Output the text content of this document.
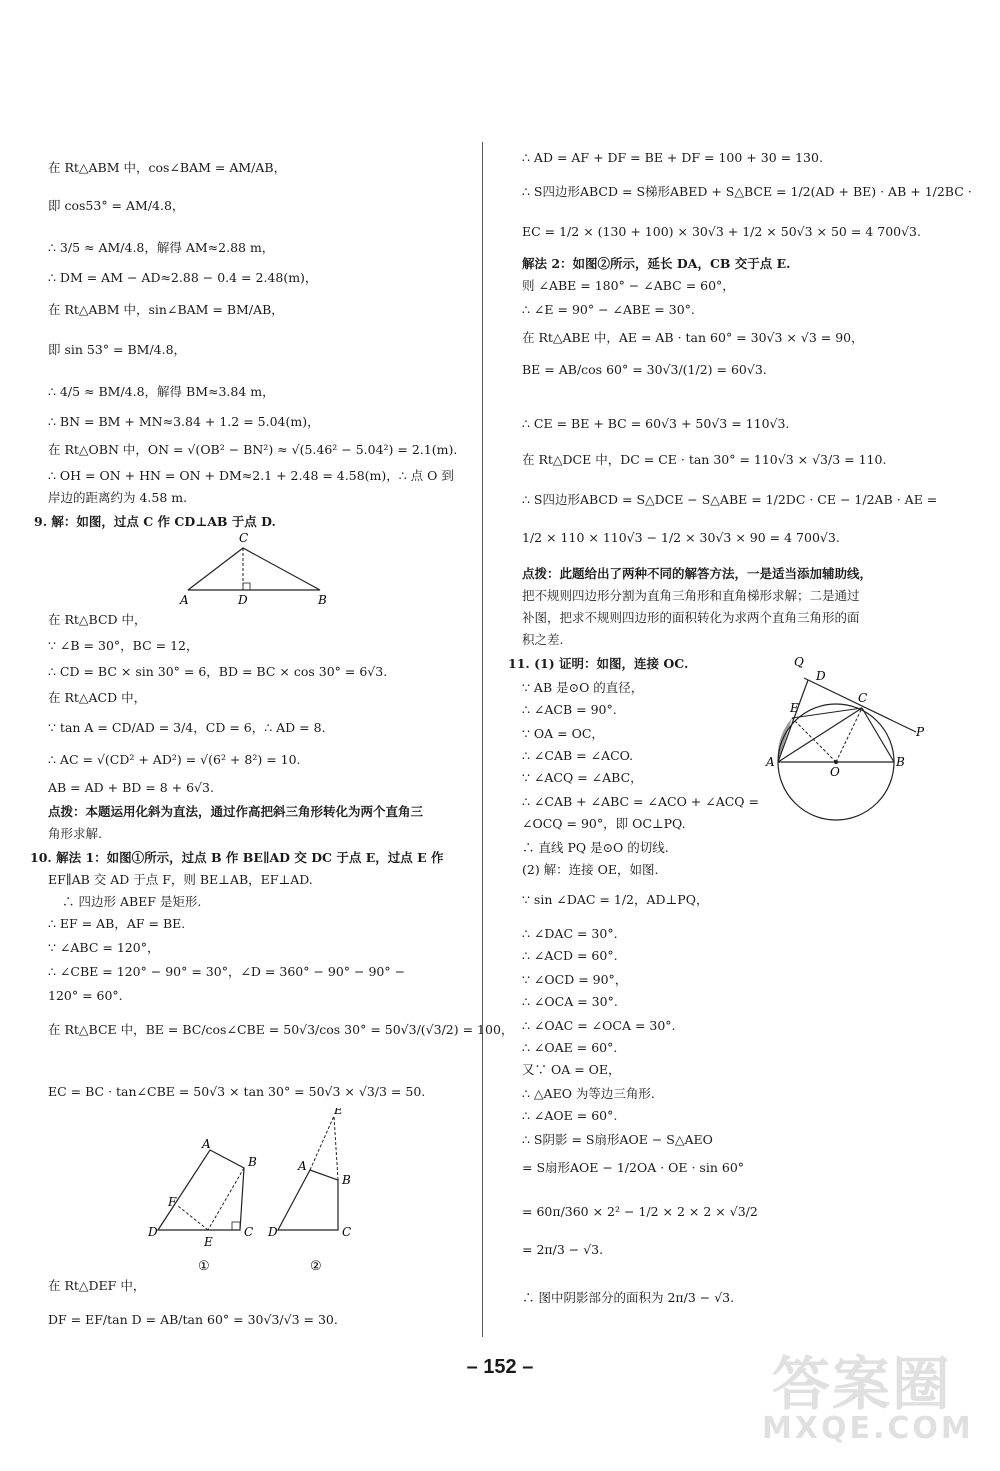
在 Rt△ABM 中，cos∠BAM = AM/AB，
即 cos53° = AM/4.8，
∴ 3/5 ≈ AM/4.8，解得 AM≈2.88 m，
∴ DM = AM − AD≈2.88 − 0.4 = 2.48(m)，
在 Rt△ABM 中，sin∠BAM = BM/AB，
即 sin 53° = BM/4.8，
∴ 4/5 ≈ BM/4.8，解得 BM≈3.84 m，
∴ BN = BM + MN≈3.84 + 1.2 = 5.04(m)，
在 Rt△OBN 中，ON = √(OB² − BN²) ≈ √(5.46² − 5.04²) = 2.1(m).
∴ OH = ON + HN = ON + DM≈2.1 + 2.48 = 4.58(m)，∴ 点 O 到
岸边的距离约为 4.58 m.
9. 解：如图，过点 C 作 CD⊥AB 于点 D.
C
A	D	B
在 Rt△BCD 中，
∵ ∠B = 30°，BC = 12，
∴ CD = BC × sin 30° = 6，BD = BC × cos 30° = 6√3.
在 Rt△ACD 中，
∵ tan A = CD/AD = 3/4，CD = 6，∴ AD = 8.
∴ AC = √(CD² + AD²) = √(6² + 8²) = 10.
AB = AD + BD = 8 + 6√3.
点拨：本题运用化斜为直法，通过作高把斜三角形转化为两个直角三
角形求解.
10. 解法 1：如图①所示，过点 B 作 BE∥AD 交 DC 于点 E，过点 E 作
EF∥AB 交 AD 于点 F，则 BE⊥AB，EF⊥AD.
∴ 四边形 ABEF 是矩形.
∴ EF = AB，AF = BE.
∵ ∠ABC = 120°，
∴ ∠CBE = 120° − 90° = 30°，∠D = 360° − 90° − 90° −
120° = 60°.
在 Rt△BCE 中，BE = BC/cos∠CBE = 50√3/cos 30° = 50√3/(√3/2) = 100，
EC = BC · tan∠CBE = 50√3 × tan 30° = 50√3 × √3/3 = 50.
A
B
F
D
E
C
①
E
A
B
D	C
②
在 Rt△DEF 中，
DF = EF/tan D = AB/tan 60° = 30√3/√3 = 30.
∴ AD = AF + DF = BE + DF = 100 + 30 = 130.
∴ S四边形ABCD = S梯形ABED + S△BCE = 1/2(AD + BE) · AB + 1/2BC ·
EC = 1/2 × (130 + 100) × 30√3 + 1/2 × 50√3 × 50 = 4 700√3.
解法 2：如图②所示，延长 DA，CB 交于点 E.
则 ∠ABE = 180° − ∠ABC = 60°，
∴ ∠E = 90° − ∠ABE = 30°.
在 Rt△ABE 中，AE = AB · tan 60° = 30√3 × √3 = 90，
BE = AB/cos 60° = 30√3/(1/2) = 60√3.
∴ CE = BE + BC = 60√3 + 50√3 = 110√3.
在 Rt△DCE 中，DC = CE · tan 30° = 110√3 × √3/3 = 110.
∴ S四边形ABCD = S△DCE − S△ABE = 1/2DC · CE − 1/2AB · AE =
1/2 × 110 × 110√3 − 1/2 × 30√3 × 90 = 4 700√3.
点拨：此题给出了两种不同的解答方法，一是适当添加辅助线，
把不规则四边形分割为直角三角形和直角梯形求解；二是通过
补图，把求不规则四边形的面积转化为求两个直角三角形的面
积之差.
11. (1) 证明：如图，连接 OC.
∵ AB 是⊙O 的直径，
∴ ∠ACB = 90°.
∵ OA = OC，
∴ ∠CAB = ∠ACO.
∵ ∠ACQ = ∠ABC，
∴ ∠CAB + ∠ABC = ∠ACO + ∠ACQ =
∠OCQ = 90°，即 OC⊥PQ.
∴ 直线 PQ 是⊙O 的切线.
(2) 解：连接 OE，如图.
∵ sin ∠DAC = 1/2，AD⊥PQ，
∴ ∠DAC = 30°.
∴ ∠ACD = 60°.
∵ ∠OCD = 90°，
∴ ∠OCA = 30°.
∴ ∠OAC = ∠OCA = 30°.
∴ ∠OAE = 60°.
又∵ OA = OE，
∴ △AEO 为等边三角形.
∴ ∠AOE = 60°.
∴ S阴影 = S扇形AOE − S△AEO
= S扇形AOE − 1/2OA · OE · sin 60°
= 60π/360 × 2² − 1/2 × 2 × 2 × √3/2
= 2π/3 − √3.
∴ 图中阴影部分的面积为 2π/3 − √3.
Q
D
E
C
P
A
O
B
– 152 –	答案圈
MXQE.COM
